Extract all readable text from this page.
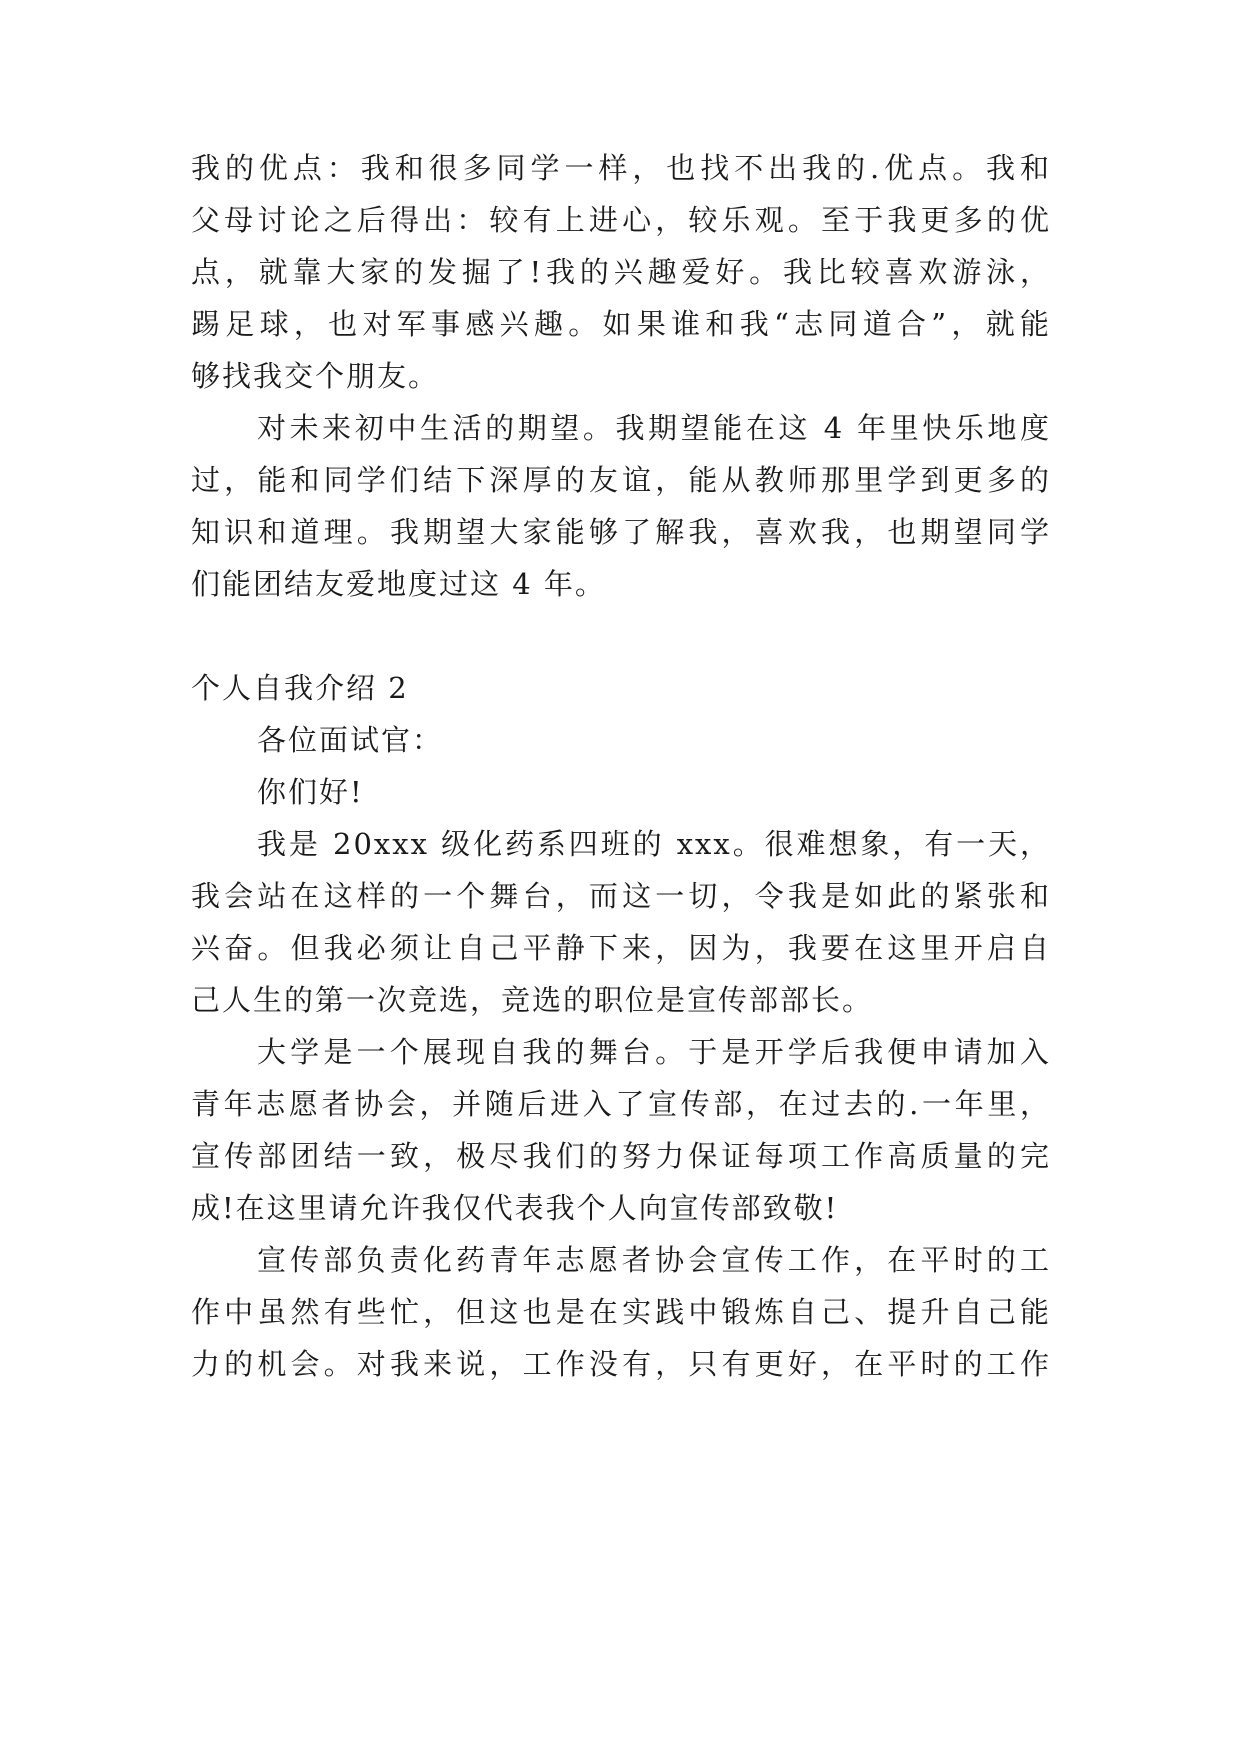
我的优点：我和很多同学一样，也找不出我的.优点。我和
父母讨论之后得出：较有上进心，较乐观。至于我更多的优
点，就靠大家的发掘了!我的兴趣爱好。我比较喜欢游泳，
踢足球，也对军事感兴趣。如果谁和我“志同道合”，就能
够找我交个朋友。
对未来初中生活的期望。我期望能在这 4 年里快乐地度
过，能和同学们结下深厚的友谊，能从教师那里学到更多的
知识和道理。我期望大家能够了解我，喜欢我，也期望同学
们能团结友爱地度过这 4 年。
个人自我介绍 2
各位面试官：
你们好!
我是 20xxx 级化药系四班的 xxx。很难想象，有一天，
我会站在这样的一个舞台，而这一切，令我是如此的紧张和
兴奋。但我必须让自己平静下来，因为，我要在这里开启自
己人生的第一次竞选，竞选的职位是宣传部部长。
大学是一个展现自我的舞台。于是开学后我便申请加入
青年志愿者协会，并随后进入了宣传部，在过去的.一年里，
宣传部团结一致，极尽我们的努力保证每项工作高质量的完
成!在这里请允许我仅代表我个人向宣传部致敬!
宣传部负责化药青年志愿者协会宣传工作，在平时的工
作中虽然有些忙，但这也是在实践中锻炼自己、提升自己能
力的机会。对我来说，工作没有，只有更好，在平时的工作
